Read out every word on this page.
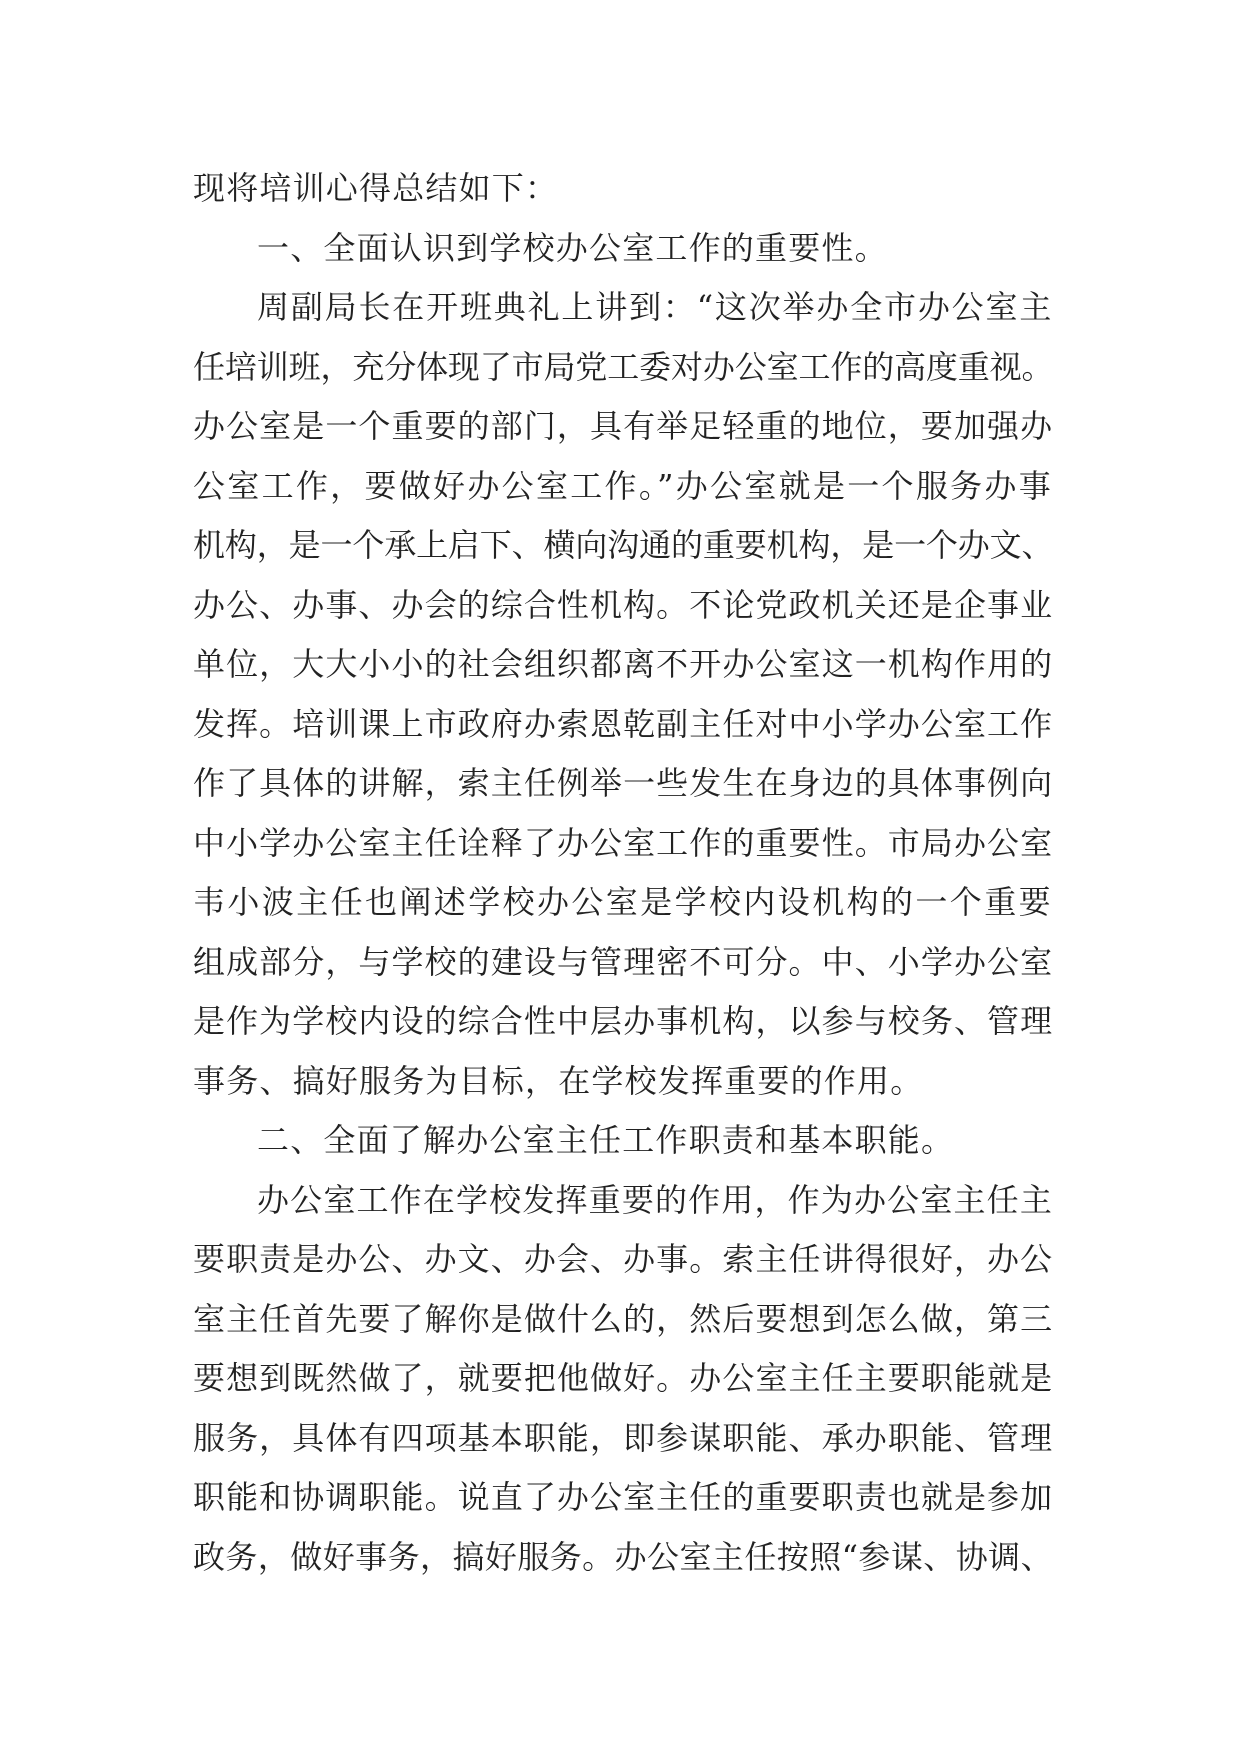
现将培训心得总结如下：
一、全面认识到学校办公室工作的重要性。
周副局长在开班典礼上讲到：“这次举办全市办公室主
任培训班，充分体现了市局党工委对办公室工作的高度重视。
办公室是一个重要的部门，具有举足轻重的地位，要加强办
公室工作，要做好办公室工作。”办公室就是一个服务办事
机构，是一个承上启下、横向沟通的重要机构，是一个办文、
办公、办事、办会的综合性机构。不论党政机关还是企事业
单位，大大小小的社会组织都离不开办公室这一机构作用的
发挥。培训课上市政府办索恩乾副主任对中小学办公室工作
作了具体的讲解，索主任例举一些发生在身边的具体事例向
中小学办公室主任诠释了办公室工作的重要性。市局办公室
韦小波主任也阐述学校办公室是学校内设机构的一个重要
组成部分，与学校的建设与管理密不可分。中、小学办公室
是作为学校内设的综合性中层办事机构，以参与校务、管理
事务、搞好服务为目标，在学校发挥重要的作用。
二、全面了解办公室主任工作职责和基本职能。
办公室工作在学校发挥重要的作用，作为办公室主任主
要职责是办公、办文、办会、办事。索主任讲得很好，办公
室主任首先要了解你是做什么的，然后要想到怎么做，第三
要想到既然做了，就要把他做好。办公室主任主要职能就是
服务，具体有四项基本职能，即参谋职能、承办职能、管理
职能和协调职能。说直了办公室主任的重要职责也就是参加
政务，做好事务，搞好服务。办公室主任按照“参谋、协调、
